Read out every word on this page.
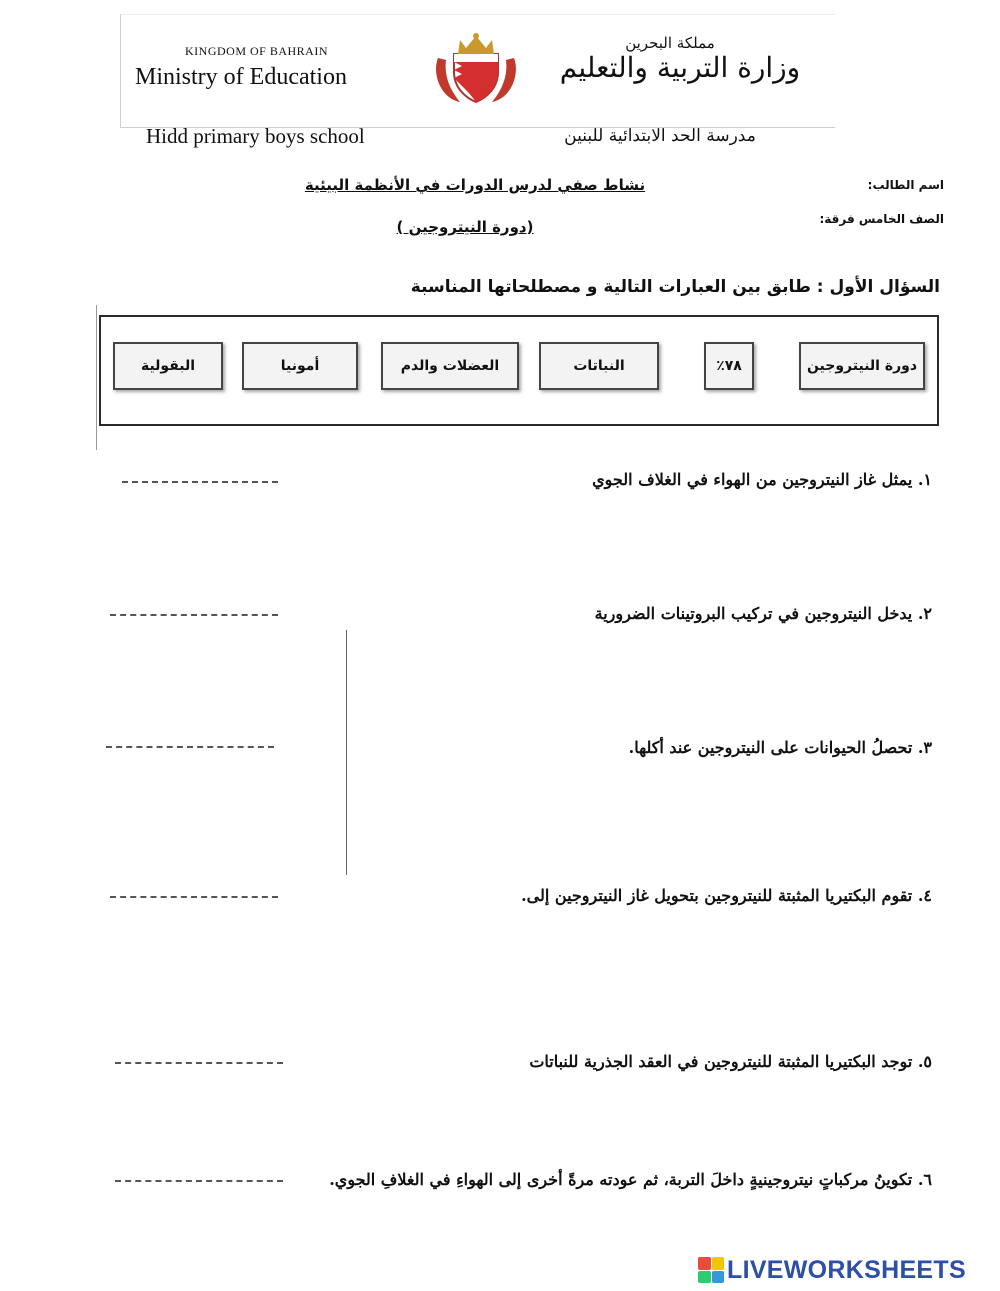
KINGDOM OF BAHRAIN
Ministry of Education
مملكة البحرين
وزارة التربية والتعليم
Hidd primary boys school	مدرسة الحد الابتدائية للبنين
اسم الطالب:
الصف الخامس فرقة:
نشاط صفي لدرس الدورات في الأنظمة البيئية
(دورة النيتروجين )
السؤال الأول : طابق بين العبارات التالية و مصطلحاتها المناسبة
دورة النيتروجين
٧٨٪
النباتات
العضلات والدم
أمونيا
البقولية
١. يمثل غاز النيتروجين من الهواء في الغلاف الجوي
٢. يدخل النيتروجين في تركيب البروتينات الضرورية
٣. تحصلُ الحيوانات على النيتروجين عند أكلها.
٤. تقوم البكتيريا المثبتة للنيتروجين بتحويل غاز النيتروجين إلى.
٥. توجد البكتيريا المثبتة للنيتروجين في العقد الجذرية للنباتات
٦. تكوينُ مركباتٍ نيتروجينيةٍ داخلَ التربة، ثم عودته مرةً أخرى إلى الهواءِ في الغلافِ الجوي.
LIVEWORKSHEETS
